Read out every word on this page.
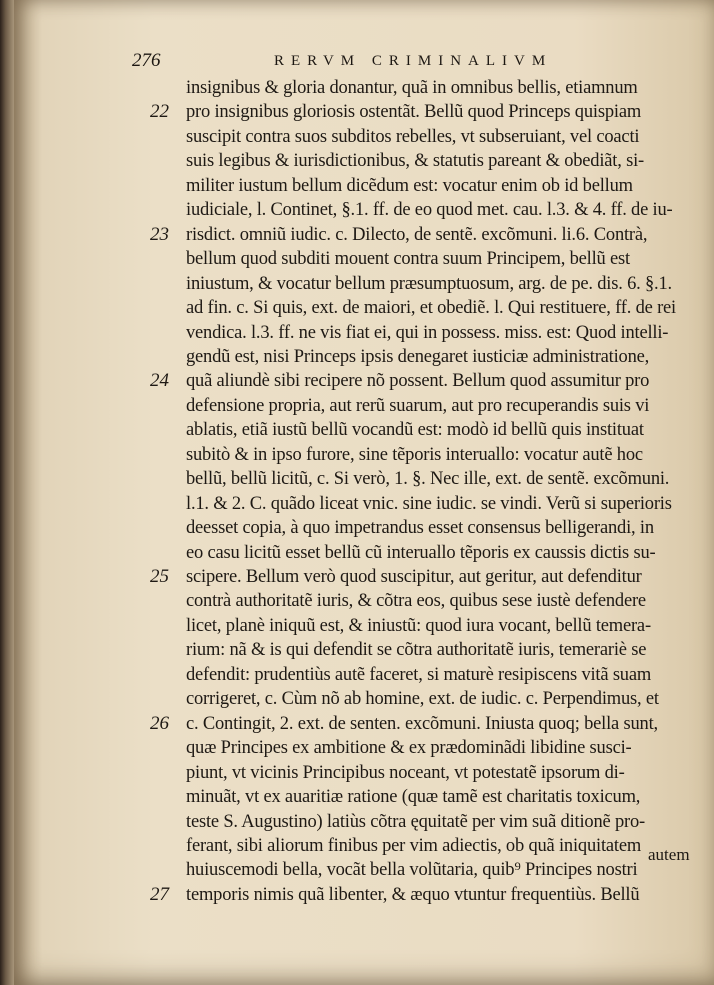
276	RERVM CRIMINALIVM
insignibus & gloria donantur, quã in omnibus bellis, etiamnum
pro insignibus gloriosis ostentãt. Bellũ quod Princeps quispiam
suscipit contra suos subditos rebelles, vt subseruiant, vel coacti
suis legibus & iurisdictionibus, & statutis pareant & obediãt, si-
militer iustum bellum dicẽdum est: vocatur enim ob id bellum
iudiciale, l. Continet, §.1. ff. de eo quod met. cau. l.3. & 4. ff. de iu-
risdict. omniũ iudic. c. Dilecto, de sentẽ. excõmuni. li.6. Contrà,
bellum quod subditi mouent contra suum Principem, bellũ est
iniustum, & vocatur bellum præsumptuosum, arg. de pe. dis. 6. §.1.
ad fin. c. Si quis, ext. de maiori, et obediẽ. l. Qui restituere, ff. de rei
vendica. l.3. ff. ne vis fiat ei, qui in possess. miss. est: Quod intelli-
gendũ est, nisi Princeps ipsis denegaret iusticiæ administratione,
quã aliundè sibi recipere nõ possent. Bellum quod assumitur pro
defensione propria, aut rerũ suarum, aut pro recuperandis suis vi
ablatis, etiã iustũ bellũ vocandũ est: modò id bellũ quis instituat
subitò & in ipso furore, sine tẽporis interuallo: vocatur autẽ hoc
bellũ, bellũ licitũ, c. Si verò, 1. §. Nec ille, ext. de sentẽ. excõmuni.
l.1. & 2. C. quãdo liceat vnic. sine iudic. se vindi. Verũ si superioris
deesset copia, à quo impetrandus esset consensus belligerandi, in
eo casu licitũ esset bellũ cũ interuallo tẽporis ex caussis dictis su-
scipere. Bellum verò quod suscipitur, aut geritur, aut defenditur
contrà authoritatẽ iuris, & cõtra eos, quibus sese iustè defendere
licet, planè iniquũ est, & iniustũ: quod iura vocant, bellũ temera-
rium: nã & is qui defendit se cõtra authoritatẽ iuris, temerariè se
defendit: prudentiùs autẽ faceret, si maturè resipiscens vitã suam
corrigeret, c. Cùm nõ ab homine, ext. de iudic. c. Perpendimus, et
c. Contingit, 2. ext. de senten. excõmuni. Iniusta quoq; bella sunt,
quæ Principes ex ambitione & ex prædominãdi libidine susci-
piunt, vt vicinis Principibus noceant, vt potestatẽ ipsorum di-
minuãt, vt ex auaritiæ ratione (quæ tamẽ est charitatis toxicum,
teste S. Augustino) latiùs cõtra ęquitatẽ per vim suã ditionẽ pro-
ferant, sibi aliorum finibus per vim adiectis, ob quã iniquitatem
huiuscemodi bella, vocãt bella volũtaria, quib⁹ Principes nostri
temporis nimis quã libenter, & æquo vtuntur frequentiùs. Bellũ
22
23
24
25
26
27
autem
